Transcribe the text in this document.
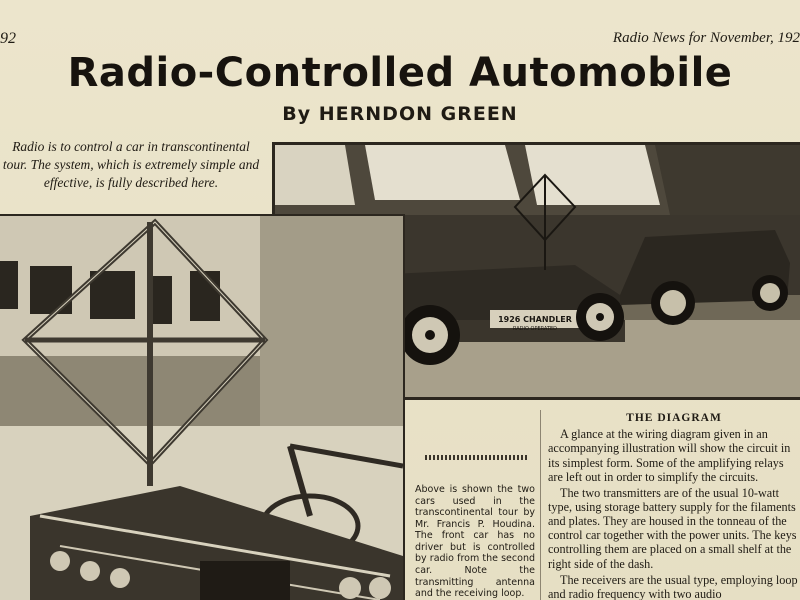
92	Radio News for November, 192
Radio-Controlled Automobile
By HERNDON GREEN
Radio is to control a car in transcontinental tour. The system, which is extremely simple and effective, is fully described here.
1926 CHANDLER
RADIO OPERATED
Above is shown the two cars used in the transcontinental tour by Mr. Francis P. Houdina. The front car has no driver but is controlled by radio from the second car. Note the transmitting antenna and the receiving loop.
THE DIAGRAM

A glance at the wiring diagram given in an accompanying illustration will show the circuit in its simplest form. Some of the amplifying relays are left out in order to simplify the circuits.

The two transmitters are of the usual 10-watt type, using storage battery supply for the filaments and plates. They are housed in the tonneau of the control car together with the power units. The keys controlling them are placed on a small shelf at the right side of the dash.

The receivers are the usual type, employing loop and radio frequency with two audio
